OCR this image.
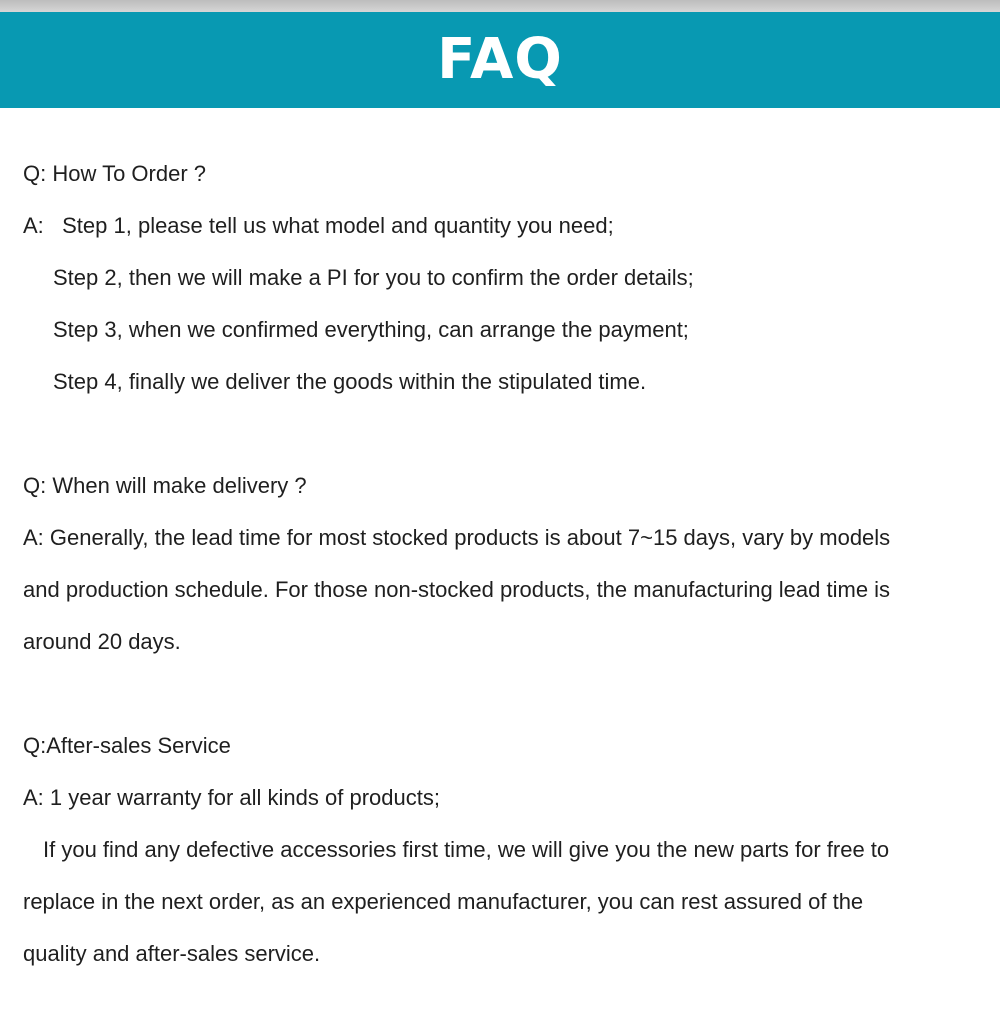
FAQ

Q: How To Order ?

A:   Step 1, please tell us what model and quantity you need;

Step 2, then we will make a PI for you to confirm the order details;

Step 3, when we confirmed everything, can arrange the payment;

Step 4, finally we deliver the goods within the stipulated time.

Q: When will make delivery ?

A: Generally, the lead time for most stocked products is about 7~15 days, vary by models

and production schedule. For those non-stocked products, the manufacturing lead time is

around 20 days.

Q:After-sales Service

A: 1 year warranty for all kinds of products;

If you find any defective accessories first time, we will give you the new parts for free to

replace in the next order, as an experienced manufacturer, you can rest assured of the

quality and after-sales service.
